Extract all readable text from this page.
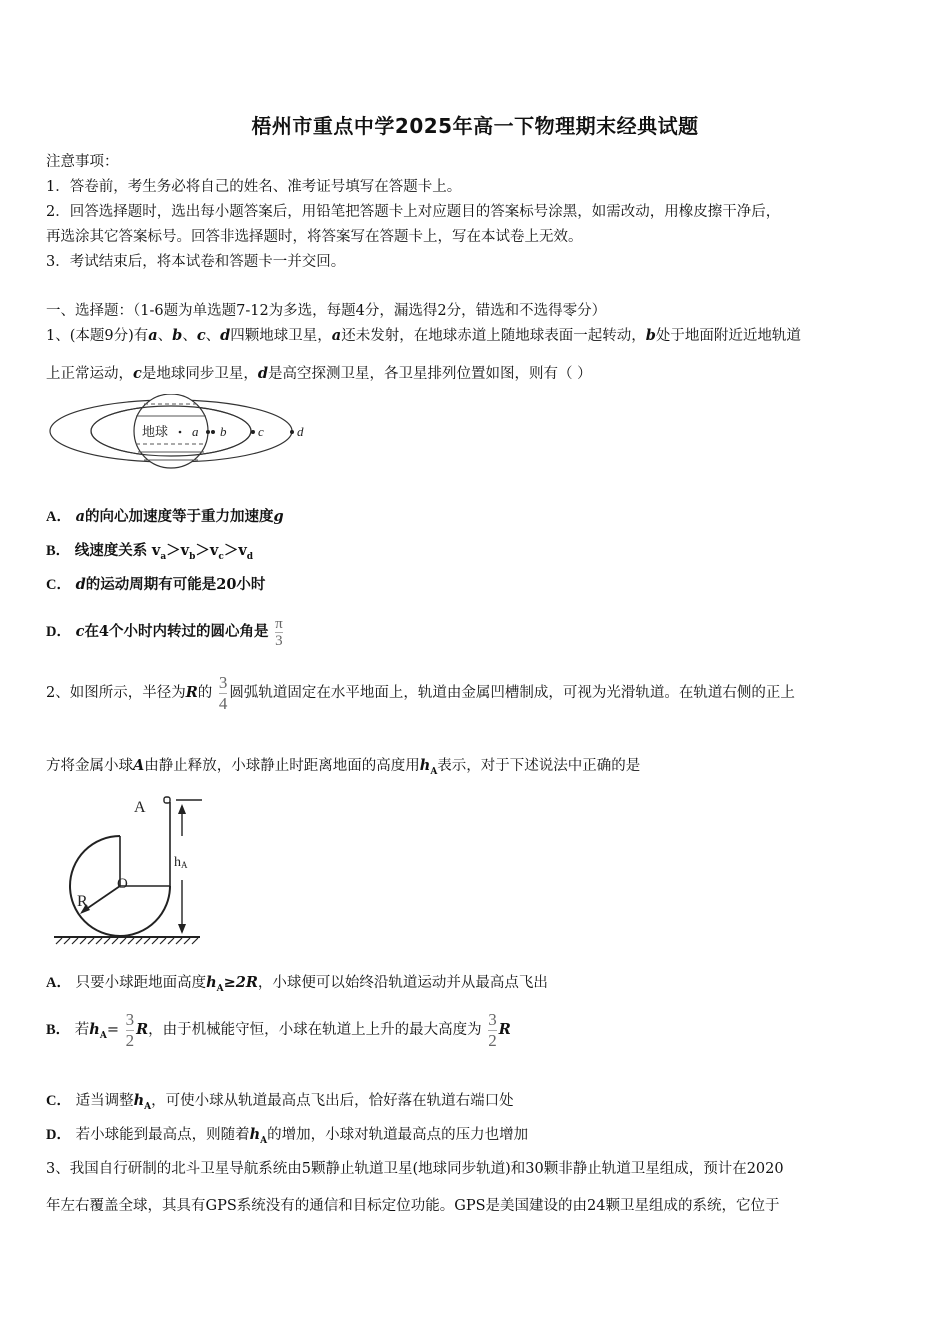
梧州市重点中学2025年高一下物理期末经典试题
注意事项：
1．答卷前，考生务必将自己的姓名、准考证号填写在答题卡上。
2．回答选择题时，选出每小题答案后，用铅笔把答题卡上对应题目的答案标号涂黑，如需改动，用橡皮擦干净后，
再选涂其它答案标号。回答非选择题时，将答案写在答题卡上，写在本试卷上无效。
3．考试结束后，将本试卷和答题卡一并交回。
一、选择题：（1-6题为单选题7-12为多选，每题4分，漏选得2分，错选和不选得零分）
1、(本题9分)有a、b、c、d四颗地球卫星，a还未发射，在地球赤道上随地球表面一起转动，b处于地面附近近地轨道
上正常运动，c是地球同步卫星，d是高空探测卫星，各卫星排列位置如图，则有（ ）
地球 a b c	d
A． a的向心加速度等于重力加速度g
B． 线速度关系 $v_a>v_b>v_c>v_d$
C． d的运动周期有可能是20小时
D． c在4个小时内转过的圆心角是 $\frac{\pi}{3}$
2、如图所示，半径为R的 $\frac{3}{4}$ 圆弧轨道固定在水平地面上，轨道由金属凹槽制成，可视为光滑轨道。在轨道右侧的正上
方将金属小球A由静止释放，小球静止时距离地面的高度用$h_A$表示，对于下述说法中正确的是
A
O
R
hA
A． 只要小球距地面高度$h_A\ge 2R$，小球便可以始终沿轨道运动并从最高点飞出
B． 若$h_A= \frac{3}{2}$ R，由于机械能守恒，小球在轨道上上升的最大高度为 $\frac{3}{2}$ R
C． 适当调整$h_A$，可使小球从轨道最高点飞出后，恰好落在轨道右端口处
D． 若小球能到最高点，则随着$h_A$的增加，小球对轨道最高点的压力也增加
3、我国自行研制的北斗卫星导航系统由5颗静止轨道卫星(地球同步轨道)和30颗非静止轨道卫星组成，预计在2020
年左右覆盖全球，其具有GPS系统没有的通信和目标定位功能。GPS是美国建设的由24颗卫星组成的系统，它位于
